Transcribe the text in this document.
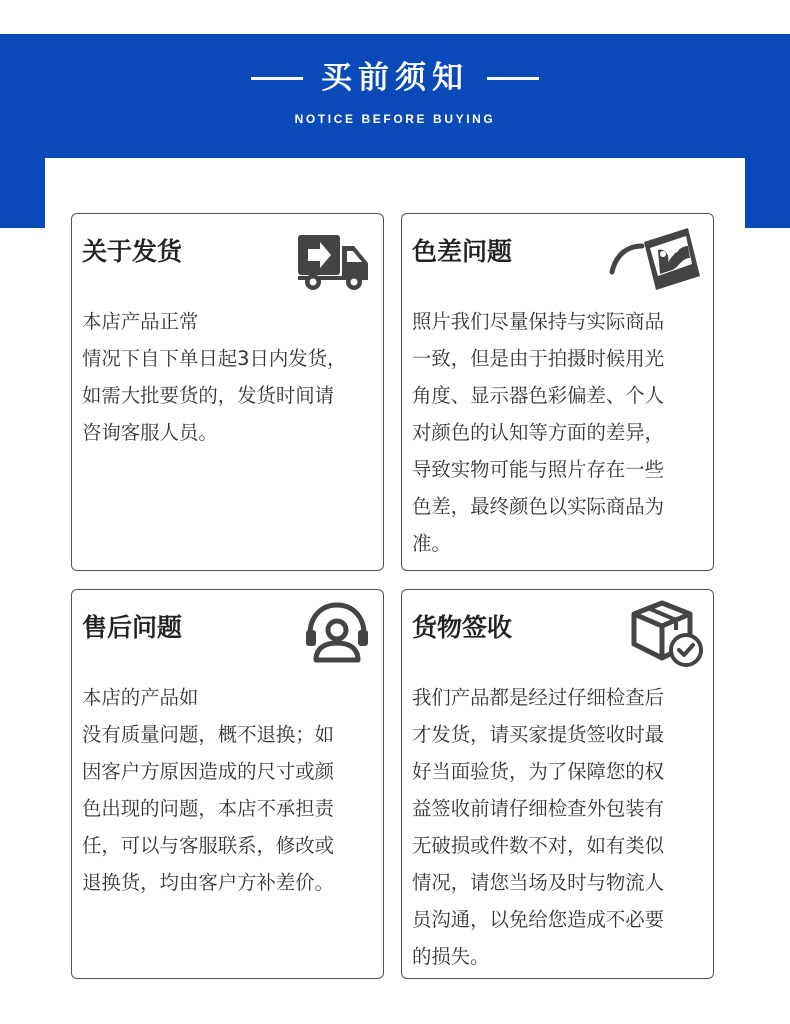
买前须知
NOTICE BEFORE BUYING
关于发货
本店产品正常
情况下自下单日起3日内发货，
如需大批要货的，发货时间请
咨询客服人员。
色差问题
照片我们尽量保持与实际商品
一致，但是由于拍摄时候用光
角度、显示器色彩偏差、个人
对颜色的认知等方面的差异，
导致实物可能与照片存在一些
色差，最终颜色以实际商品为
准。
售后问题
本店的产品如
没有质量问题，概不退换；如
因客户方原因造成的尺寸或颜
色出现的问题，本店不承担责
任，可以与客服联系，修改或
退换货，均由客户方补差价。
货物签收
我们产品都是经过仔细检查后
才发货，请买家提货签收时最
好当面验货，为了保障您的权
益签收前请仔细检查外包装有
无破损或件数不对，如有类似
情况，请您当场及时与物流人
员沟通，以免给您造成不必要
的损失。
